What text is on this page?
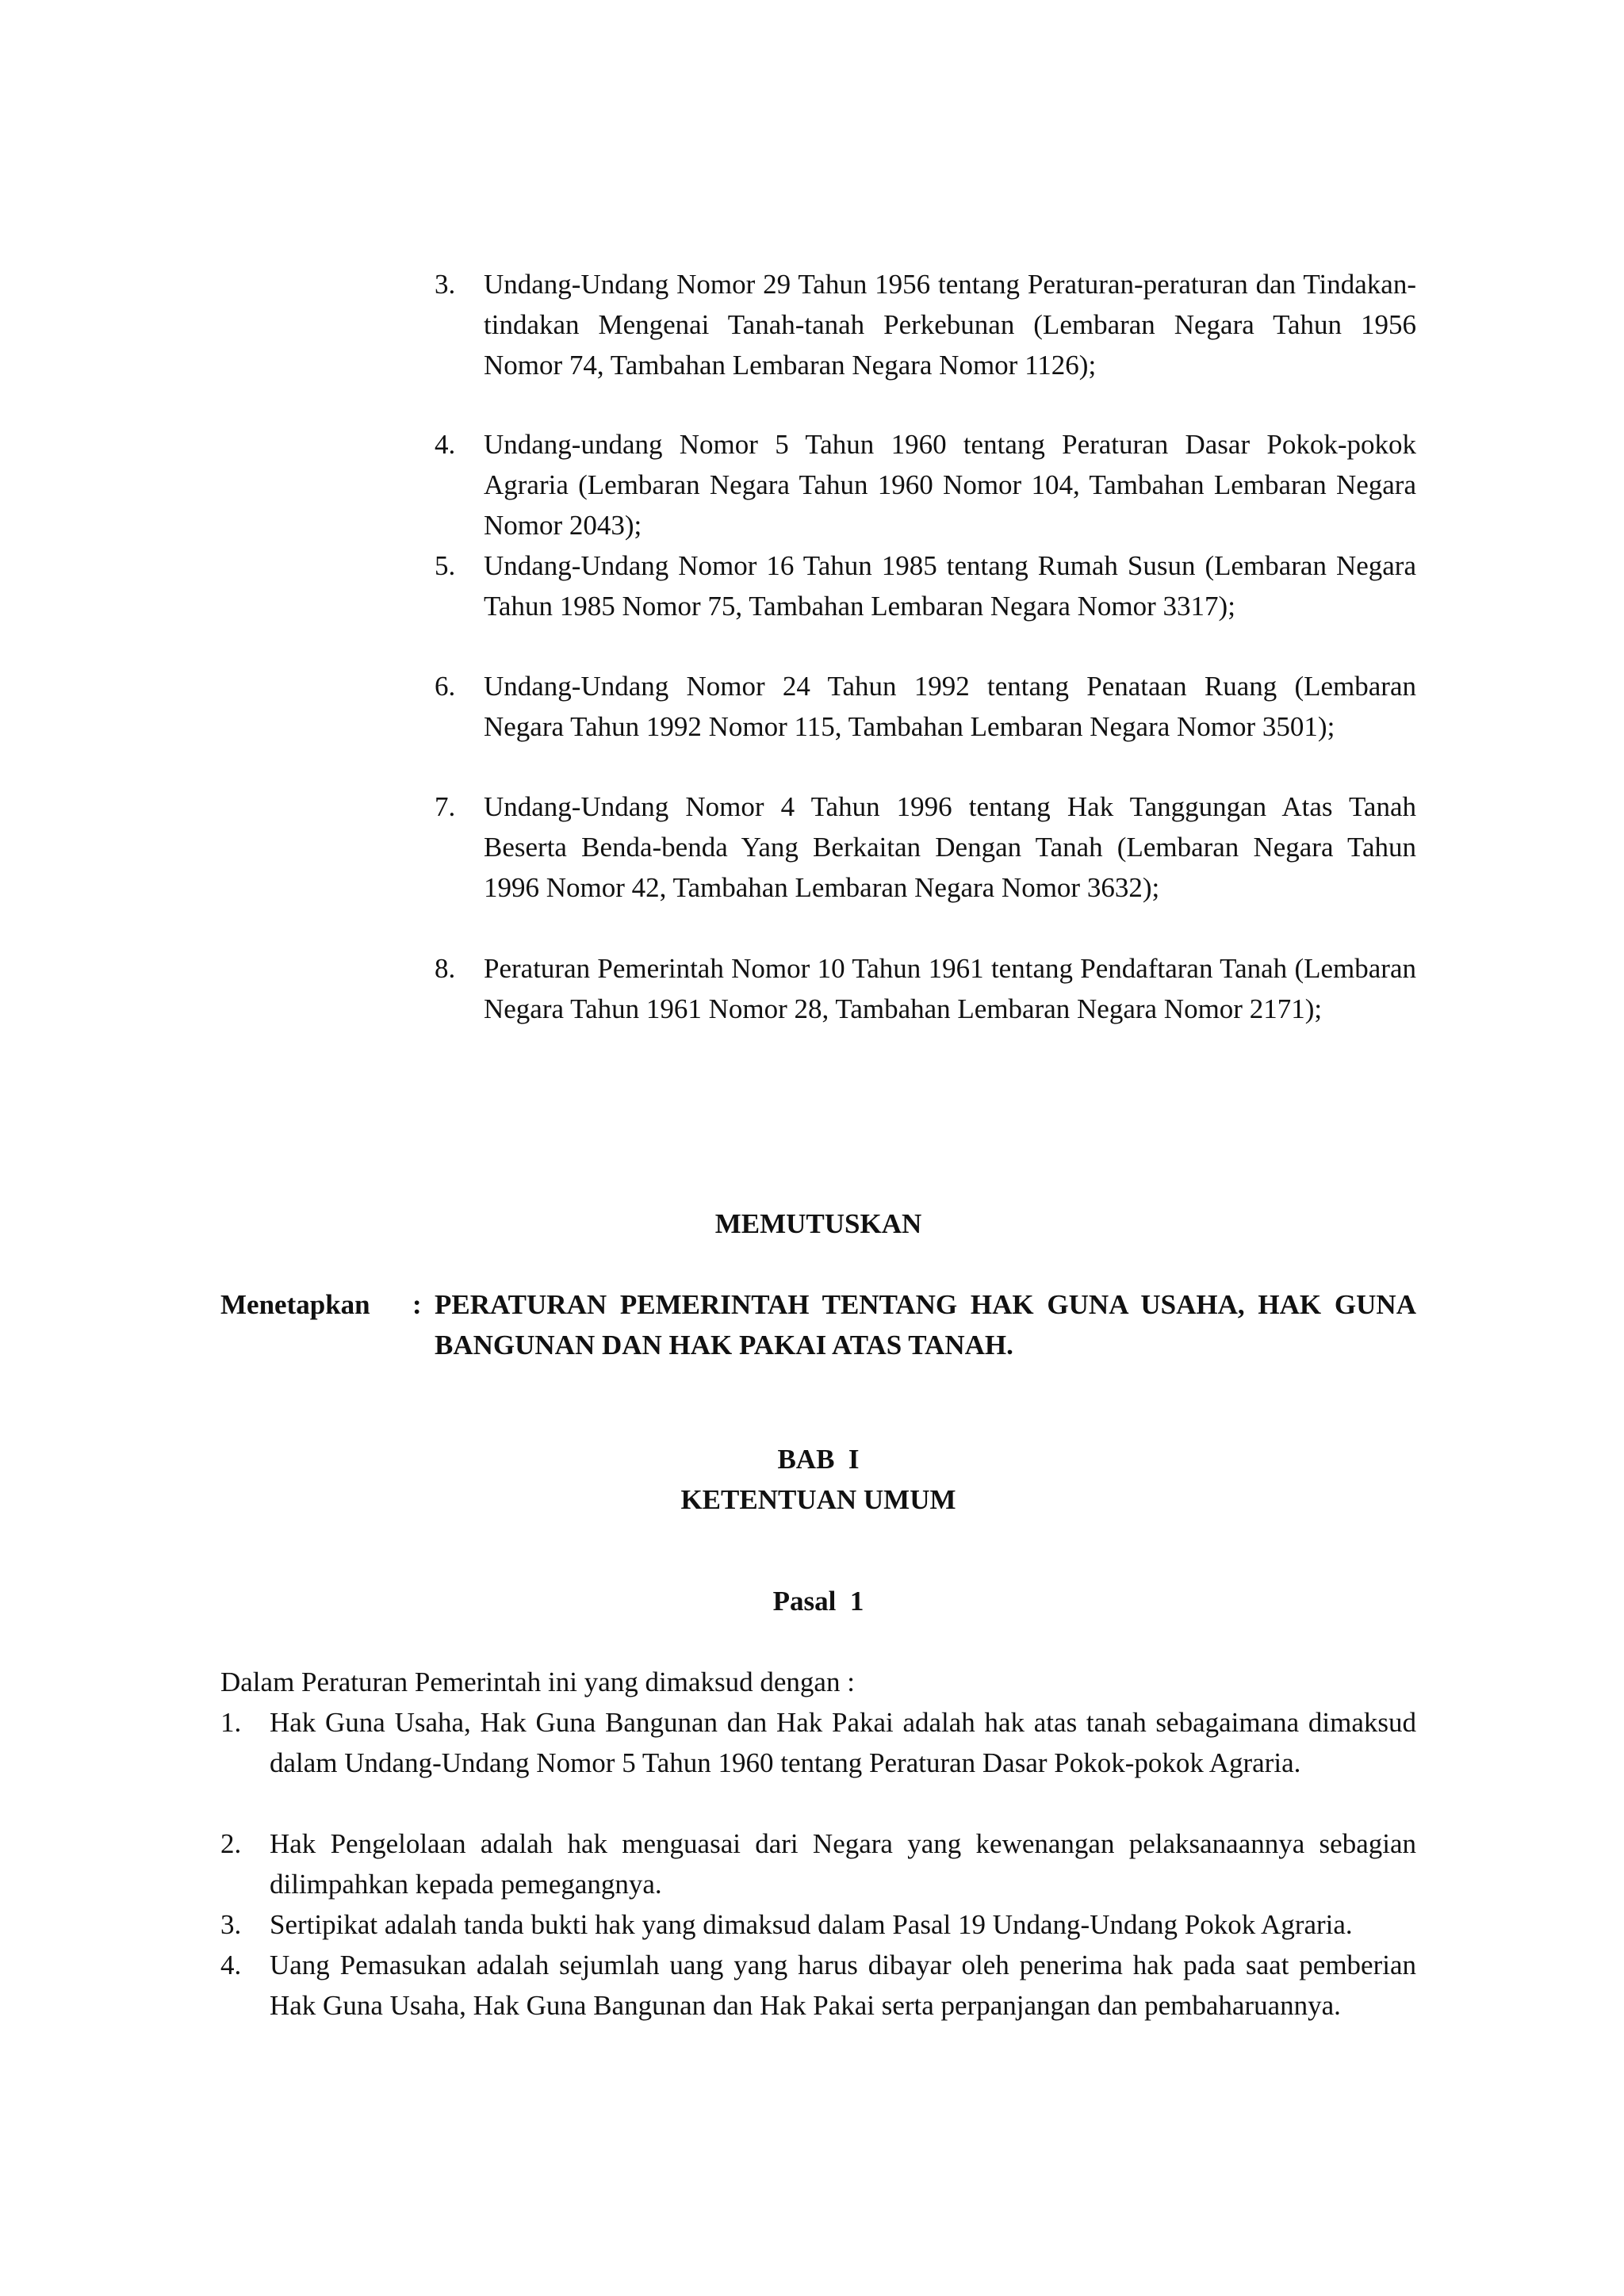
3. Undang-Undang Nomor 29 Tahun 1956 tentang Peraturan-peraturan dan Tindakan-tindakan Mengenai Tanah-tanah Perkebunan (Lembaran Negara Tahun 1956 Nomor 74, Tambahan Lembaran Negara Nomor 1126);
4. Undang-undang Nomor 5 Tahun 1960 tentang Peraturan Dasar Pokok-pokok Agraria (Lembaran Negara Tahun 1960 Nomor 104, Tambahan Lembaran Negara Nomor 2043);
5. Undang-Undang Nomor 16 Tahun 1985 tentang Rumah Susun (Lembaran Negara Tahun 1985 Nomor 75, Tambahan Lembaran Negara Nomor 3317);
6. Undang-Undang Nomor 24 Tahun 1992 tentang Penataan Ruang (Lembaran Negara Tahun 1992 Nomor 115, Tambahan Lembaran Negara Nomor 3501);
7. Undang-Undang Nomor 4 Tahun 1996 tentang Hak Tanggungan Atas Tanah Beserta Benda-benda Yang Berkaitan Dengan Tanah (Lembaran Negara Tahun 1996 Nomor 42, Tambahan Lembaran Negara Nomor 3632);
8. Peraturan Pemerintah Nomor 10 Tahun 1961 tentang Pendaftaran Tanah (Lembaran Negara Tahun 1961 Nomor 28, Tambahan Lembaran Negara Nomor 2171);
MEMUTUSKAN
Menetapkan : PERATURAN PEMERINTAH TENTANG HAK GUNA USAHA, HAK GUNA BANGUNAN DAN HAK PAKAI ATAS TANAH.
BAB  I
KETENTUAN UMUM
Pasal  1
Dalam Peraturan Pemerintah ini yang dimaksud dengan :
1. Hak Guna Usaha, Hak Guna Bangunan dan Hak Pakai adalah hak atas tanah sebagaimana dimaksud dalam Undang-Undang Nomor 5 Tahun 1960 tentang Peraturan Dasar Pokok-pokok Agraria.
2. Hak Pengelolaan adalah hak menguasai dari Negara yang kewenangan pelaksanaannya sebagian dilimpahkan kepada pemegangnya.
3. Sertipikat adalah tanda bukti hak yang dimaksud dalam Pasal 19 Undang-Undang Pokok Agraria.
4. Uang Pemasukan adalah sejumlah uang yang harus dibayar oleh penerima hak pada saat pemberian Hak Guna Usaha, Hak Guna Bangunan dan Hak Pakai serta perpanjangan dan pembaharuannya.
